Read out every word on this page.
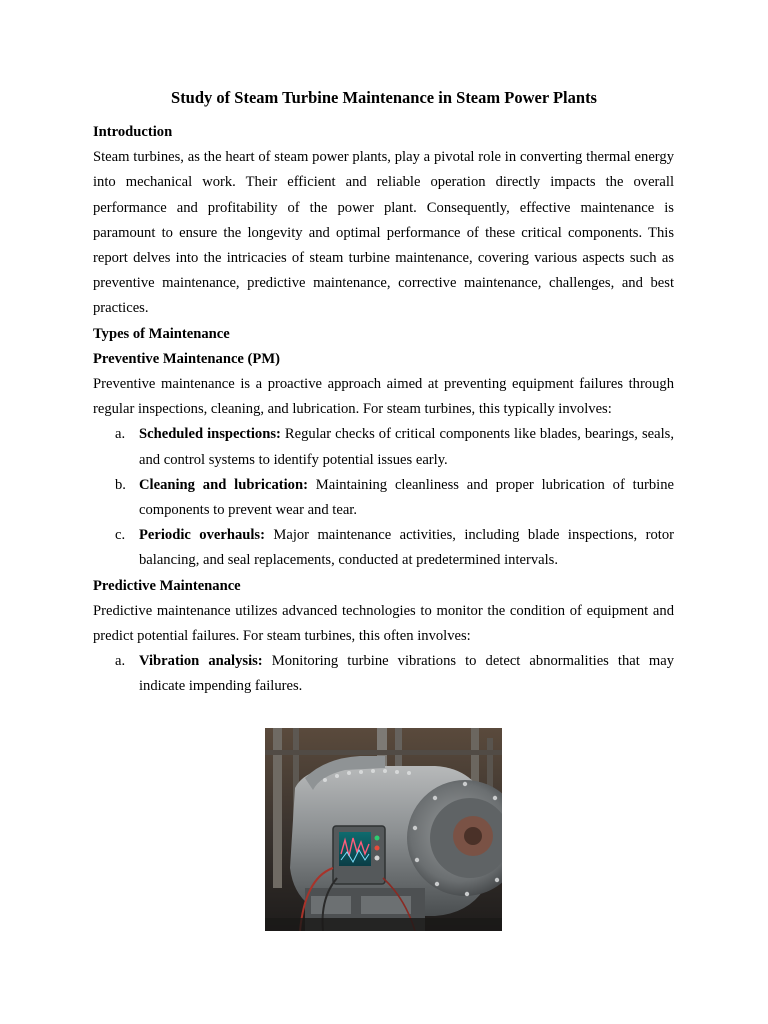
Study of Steam Turbine Maintenance in Steam Power Plants

Introduction

Steam turbines, as the heart of steam power plants, play a pivotal role in converting thermal energy into mechanical work. Their efficient and reliable operation directly impacts the overall performance and profitability of the power plant. Consequently, effective maintenance is paramount to ensure the longevity and optimal performance of these critical components. This report delves into the intricacies of steam turbine maintenance, covering various aspects such as preventive maintenance, predictive maintenance, corrective maintenance, challenges, and best practices.

Types of Maintenance

Preventive Maintenance (PM)

Preventive maintenance is a proactive approach aimed at preventing equipment failures through regular inspections, cleaning, and lubrication. For steam turbines, this typically involves:

a. Scheduled inspections: Regular checks of critical components like blades, bearings, seals, and control systems to identify potential issues early.
b. Cleaning and lubrication: Maintaining cleanliness and proper lubrication of turbine components to prevent wear and tear.
c. Periodic overhauls: Major maintenance activities, including blade inspections, rotor balancing, and seal replacements, conducted at predetermined intervals.

Predictive Maintenance

Predictive maintenance utilizes advanced technologies to monitor the condition of equipment and predict potential failures. For steam turbines, this often involves:

a. Vibration analysis: Monitoring turbine vibrations to detect abnormalities that may indicate impending failures.
